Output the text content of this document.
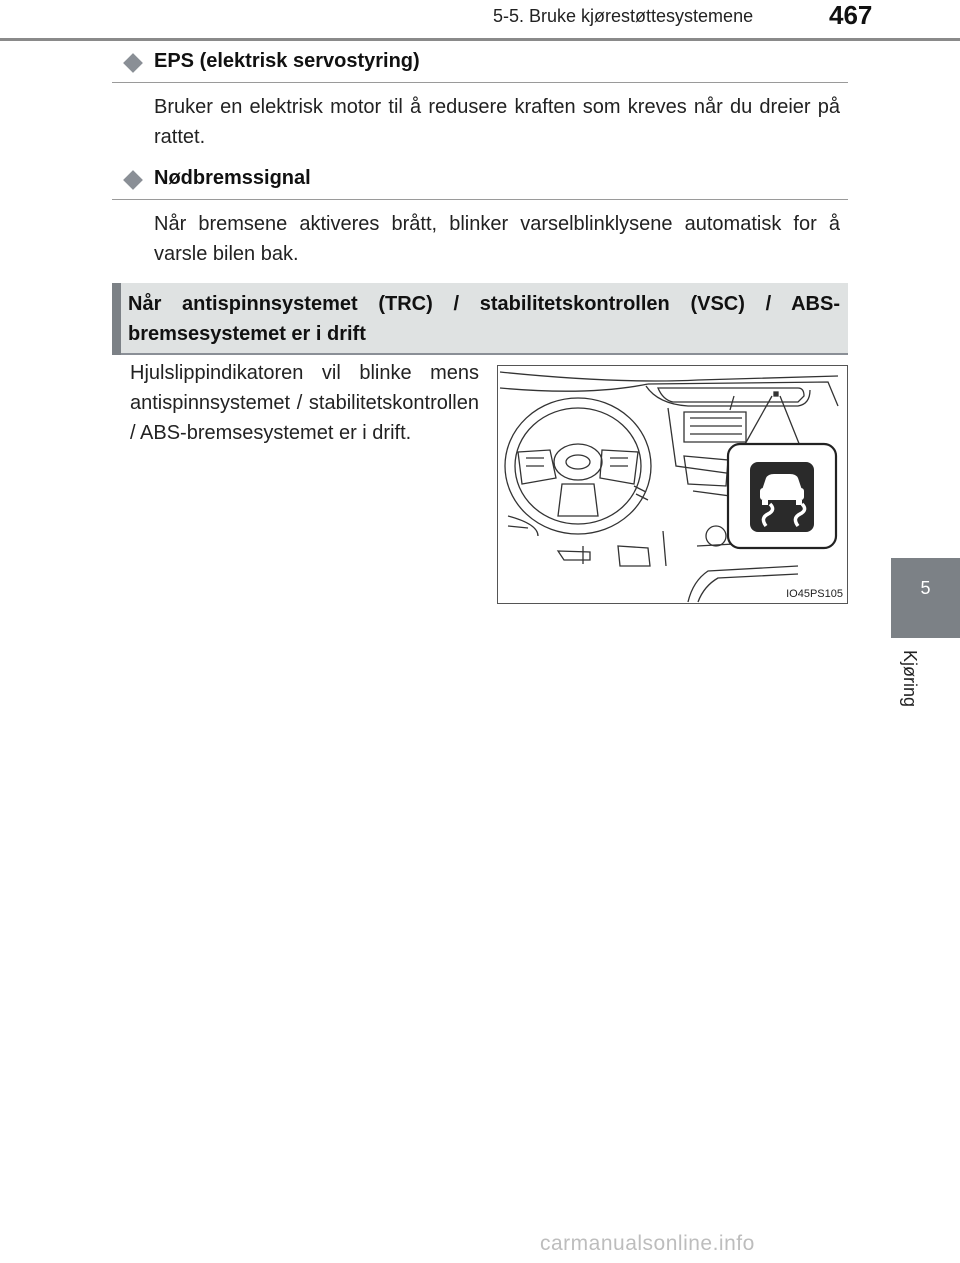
5-5. Bruke kjørestøttesystemene	467
EPS (elektrisk servostyring)
Bruker en elektrisk motor til å redusere kraften som kreves når du dreier på rattet.
Nødbremssignal
Når bremsene aktiveres brått, blinker varselblinklysene automatisk for å varsle bilen bak.
Når antispinnsystemet (TRC) / stabilitetskontrollen (VSC) / ABS-bremsesystemet er i drift
Hjulslippindikatoren vil blinke mens antispinnsystemet / stabilitetskontrollen / ABS-bremsesystemet er i drift.
IO45PS105	5
Kjøring
carmanualsonline.info
